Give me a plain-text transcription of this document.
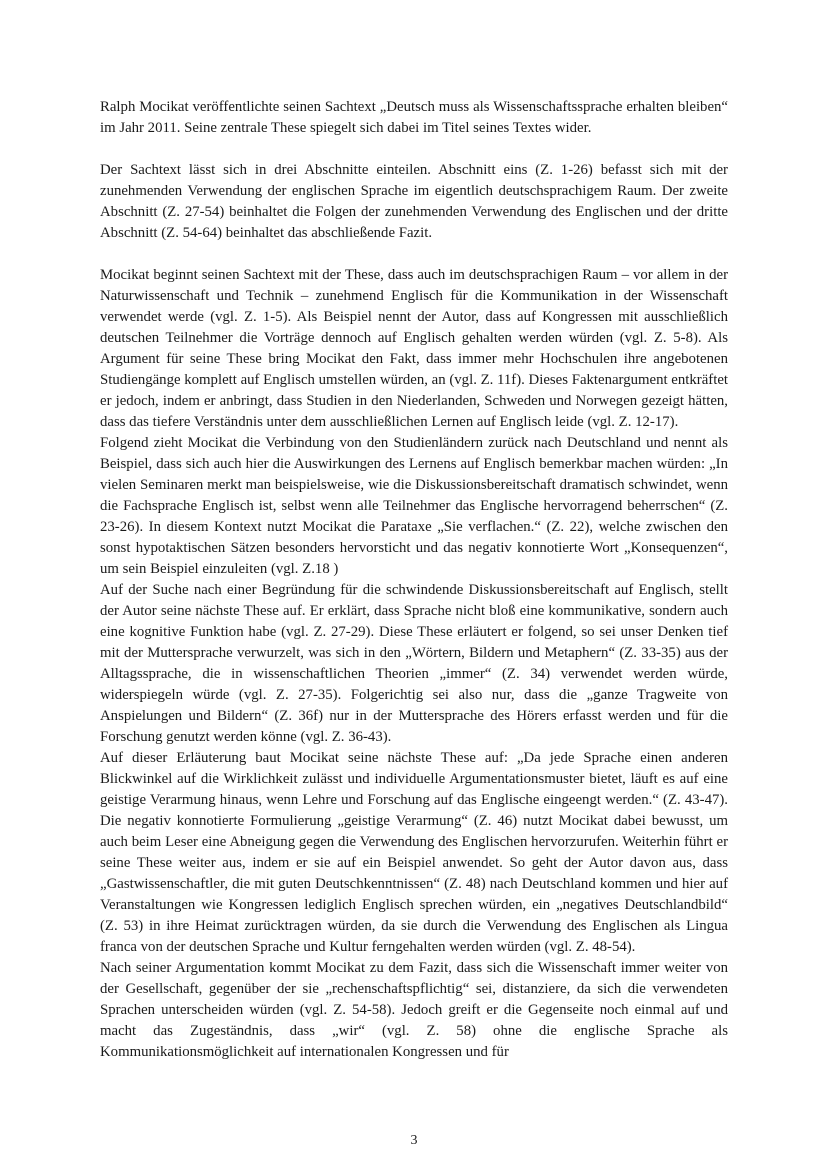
Ralph Mocikat veröffentlichte seinen Sachtext „Deutsch muss als Wissenschaftssprache erhalten bleiben“ im Jahr 2011. Seine zentrale These spiegelt sich dabei im Titel seines Textes wider.

Der Sachtext lässt sich in drei Abschnitte einteilen. Abschnitt eins (Z. 1-26) befasst sich mit der zunehmenden Verwendung der englischen Sprache im eigentlich deutschsprachigem Raum. Der zweite Abschnitt (Z. 27-54) beinhaltet die Folgen der zunehmenden Verwendung des Englischen und der dritte Abschnitt (Z. 54-64) beinhaltet das abschließende Fazit.

Mocikat beginnt seinen Sachtext mit der These, dass auch im deutschsprachigen Raum – vor allem in der Naturwissenschaft und Technik – zunehmend Englisch für die Kommunikation in der Wissenschaft verwendet werde (vgl. Z. 1-5). Als Beispiel nennt der Autor, dass auf Kongressen mit ausschließlich deutschen Teilnehmer die Vorträge dennoch auf Englisch gehalten werden würden (vgl. Z. 5-8). Als Argument für seine These bring Mocikat den Fakt, dass immer mehr Hochschulen ihre angebotenen Studiengänge komplett auf Englisch umstellen würden, an (vgl. Z. 11f). Dieses Faktenargument entkräftet er jedoch, indem er anbringt, dass Studien in den Niederlanden, Schweden und Norwegen gezeigt hätten, dass das tiefere Verständnis unter dem ausschließlichen Lernen auf Englisch leide (vgl. Z. 12-17).

Folgend zieht Mocikat die Verbindung von den Studienländern zurück nach Deutschland und nennt als Beispiel, dass sich auch hier die Auswirkungen des Lernens auf Englisch bemerkbar machen würden: „In vielen Seminaren merkt man beispielsweise, wie die Diskussionsbereitschaft dramatisch schwindet, wenn die Fachsprache Englisch ist, selbst wenn alle Teilnehmer das Englische hervorragend beherrschen“ (Z. 23-26). In diesem Kontext nutzt Mocikat die Parataxe „Sie verflachen.“ (Z. 22), welche zwischen den sonst hypotaktischen Sätzen besonders hervorsticht und das negativ konnotierte Wort „Konsequenzen“, um sein Beispiel einzuleiten (vgl. Z.18 )

Auf der Suche nach einer Begründung für die schwindende Diskussionsbereitschaft auf Englisch, stellt der Autor seine nächste These auf. Er erklärt, dass Sprache nicht bloß eine kommunikative, sondern auch eine kognitive Funktion habe (vgl. Z. 27-29). Diese These erläutert er folgend, so sei unser Denken tief mit der Muttersprache verwurzelt, was sich in den „Wörtern, Bildern und Metaphern“ (Z. 33-35) aus der Alltagssprache, die in wissenschaftlichen Theorien „immer“ (Z. 34) verwendet werden würde, widerspiegeln würde (vgl. Z. 27-35). Folgerichtig sei also nur, dass die „ganze Tragweite von Anspielungen und Bildern“ (Z. 36f) nur in der Muttersprache des Hörers erfasst werden und für die Forschung genutzt werden könne (vgl. Z. 36-43).

Auf dieser Erläuterung baut Mocikat seine nächste These auf: „Da jede Sprache einen anderen Blickwinkel auf die Wirklichkeit zulässt und individuelle Argumentationsmuster bietet, läuft es auf eine geistige Verarmung hinaus, wenn Lehre und Forschung auf das Englische eingeengt werden.“ (Z. 43-47). Die negativ konnotierte Formulierung „geistige Verarmung“ (Z. 46) nutzt Mocikat dabei bewusst, um auch beim Leser eine Abneigung gegen die Verwendung des Englischen hervorzurufen. Weiterhin führt er seine These weiter aus, indem er sie auf ein Beispiel anwendet. So geht der Autor davon aus, dass „Gastwissenschaftler, die mit guten Deutschkenntnissen“ (Z. 48) nach Deutschland kommen und hier auf Veranstaltungen wie Kongressen lediglich Englisch sprechen würden, ein „negatives Deutschlandbild“ (Z. 53) in ihre Heimat zurücktragen würden, da sie durch die Verwendung des Englischen als Lingua franca von der deutschen Sprache und Kultur ferngehalten werden würden (vgl. Z. 48-54).

Nach seiner Argumentation kommt Mocikat zu dem Fazit, dass sich die Wissenschaft immer weiter von der Gesellschaft, gegenüber der sie „rechenschaftspflichtig“ sei, distanziere, da sich die verwendeten Sprachen unterscheiden würden (vgl. Z. 54-58). Jedoch greift er die Gegenseite noch einmal auf und macht das Zugeständnis, dass „wir“ (vgl. Z. 58) ohne die englische Sprache als Kommunikationsmöglichkeit auf internationalen Kongressen und für

3
